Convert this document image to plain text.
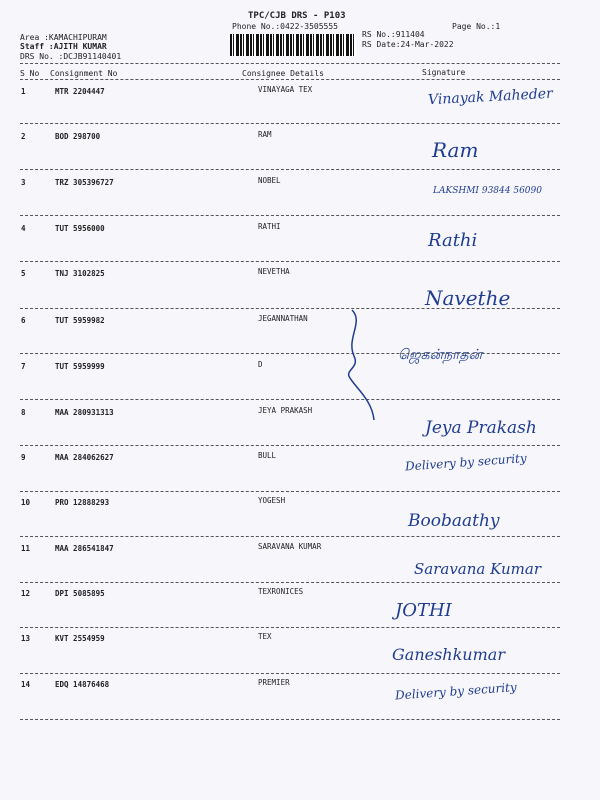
TPC/CJB DRS - P103
Phone No.:0422-3505555	Page No.:1
Area :KAMACHIPURAM
Staff :AJITH KUMAR
DRS No. :DCJB91140401
RS No.:911404
RS Date:24-Mar-2022
S No Consignment No	Consignee Details	Signature
1	MTR 2204447	VINAYAGA TEX	Vinayak Maheder
2	BOD 298700	RAM
Ram
3	TRZ 305396727	NOBEL
LAKSHMI 93844 56090
4	TUT 5956000	RATHI
Rathi
5	TNJ 3102825	NEVETHA
Navethe
6	TUT 5959982	JEGANNATHAN
ஜெகன்நாதன்
7	TUT 5959999	D
8	MAA 280931313	JEYA PRAKASH
Jeya Prakash
9	MAA 284062627	BULL	Delivery by security
10	PRO 12888293	YOGESH
Boobaathy
11	MAA 286541847	SARAVANA KUMAR
Saravana Kumar
12	DPI 5085895	TEXRONICES
JOTHI
13	KVT 2554959	TEX
Ganeshkumar
14	EDQ 14876468	PREMIER	Delivery by security
